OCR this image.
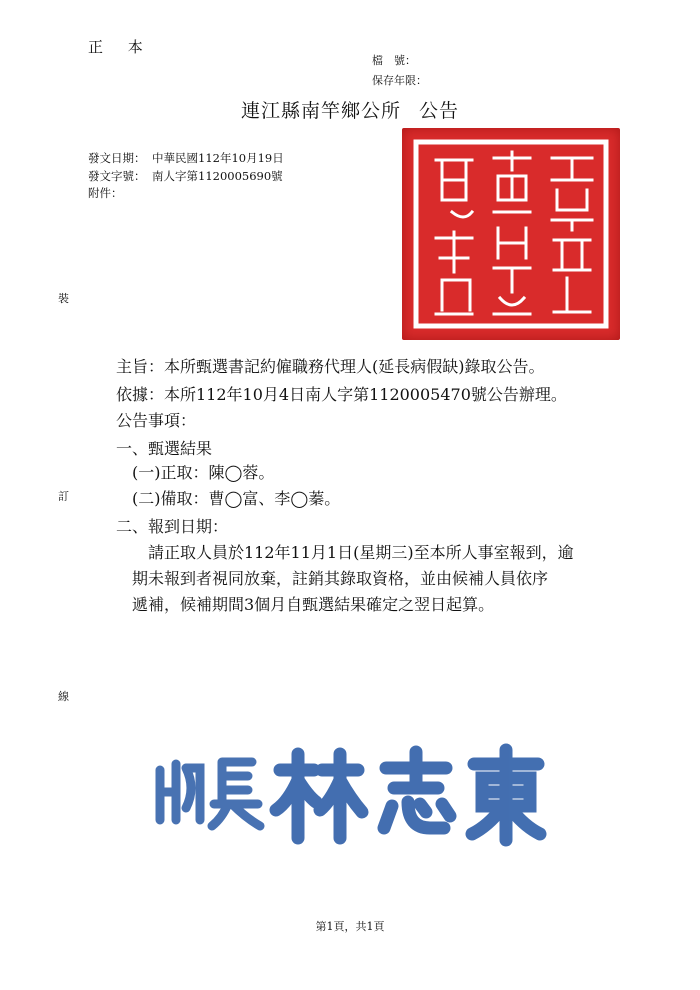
正 本
檔　號：
保存年限：
連江縣南竿鄉公所 公告
發文日期： 中華民國112年10月19日
發文字號： 南人字第1120005690號
附件：
裝
訂
線
主旨：本所甄選書記約僱職務代理人(延長病假缺)錄取公告。
依據：本所112年10月4日南人字第1120005470號公告辦理。
公告事項：
一、甄選結果
(一)正取：陳◯蓉。
(二)備取：曹◯富、李◯蓁。
二、報到日期：
請正取人員於112年11月1日(星期三)至本所人事室報到，逾
期未報到者視同放棄，註銷其錄取資格，並由候補人員依序
遞補，候補期間3個月自甄選結果確定之翌日起算。
第1頁，共1頁
